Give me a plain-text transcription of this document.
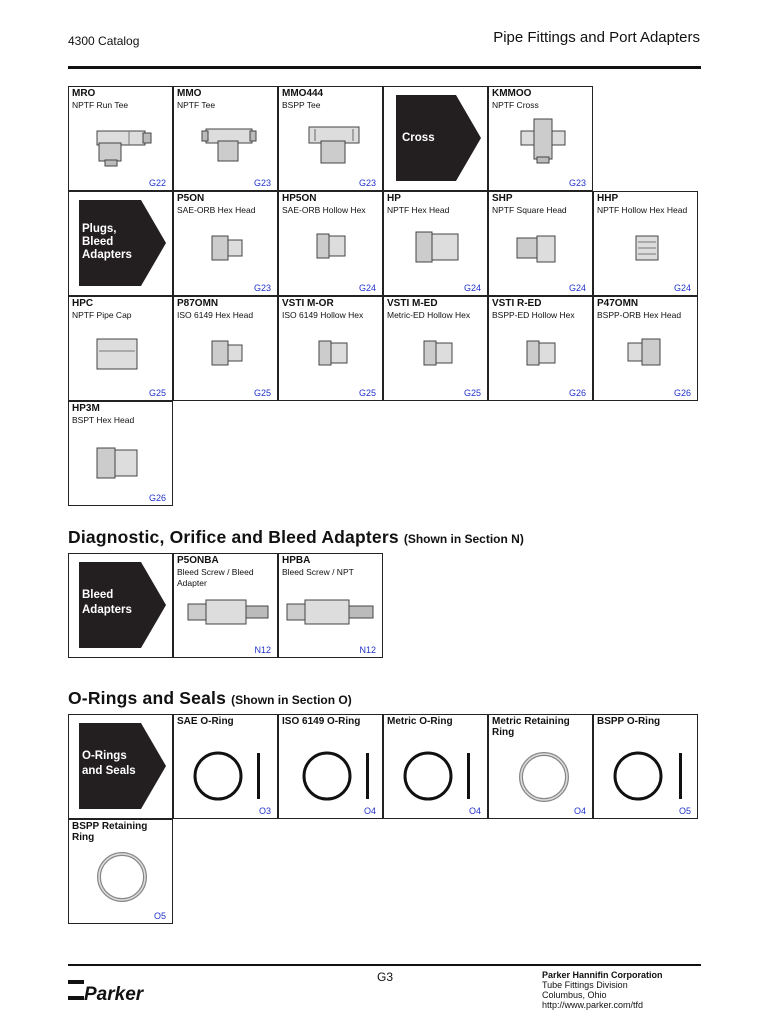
4300 Catalog	Pipe Fittings and Port Adapters
MRO
NPTF Run Tee
G22
MMO
NPTF Tee
G23
MMO444
BSPP Tee
G23
Cross
KMMOO
NPTF Cross
G23
Plugs,
Bleed
Adapters
P5ON
SAE-ORB Hex Head
G23
HP5ON
SAE-ORB Hollow Hex
G24
HP
NPTF Hex Head
G24
SHP
NPTF Square Head
G24
HHP
NPTF Hollow Hex Head
G24
HPC
NPTF Pipe Cap
G25
P87OMN
ISO 6149 Hex Head
G25
VSTI M-OR
ISO 6149 Hollow Hex
G25
VSTI M-ED
Metric-ED Hollow Hex
G25
VSTI R-ED
BSPP-ED Hollow Hex
G26
P47OMN
BSPP-ORB Hex Head
G26
HP3M
BSPT Hex Head
G26
Diagnostic, Orifice and Bleed Adapters (Shown in Section N)
Bleed
Adapters
P5ONBA
Bleed Screw / Bleed Adapter
N12
HPBA
Bleed Screw / NPT
N12
O-Rings and Seals (Shown in Section O)
O-Rings
and Seals
SAE O-Ring
O3
ISO 6149 O-Ring
O4
Metric O-Ring
O4
Metric Retaining Ring
O4
BSPP O-Ring
O5
BSPP Retaining Ring
O5
Parker
G3	Parker Hannifin Corporation
Tube Fittings Division
Columbus, Ohio
http://www.parker.com/tfd
